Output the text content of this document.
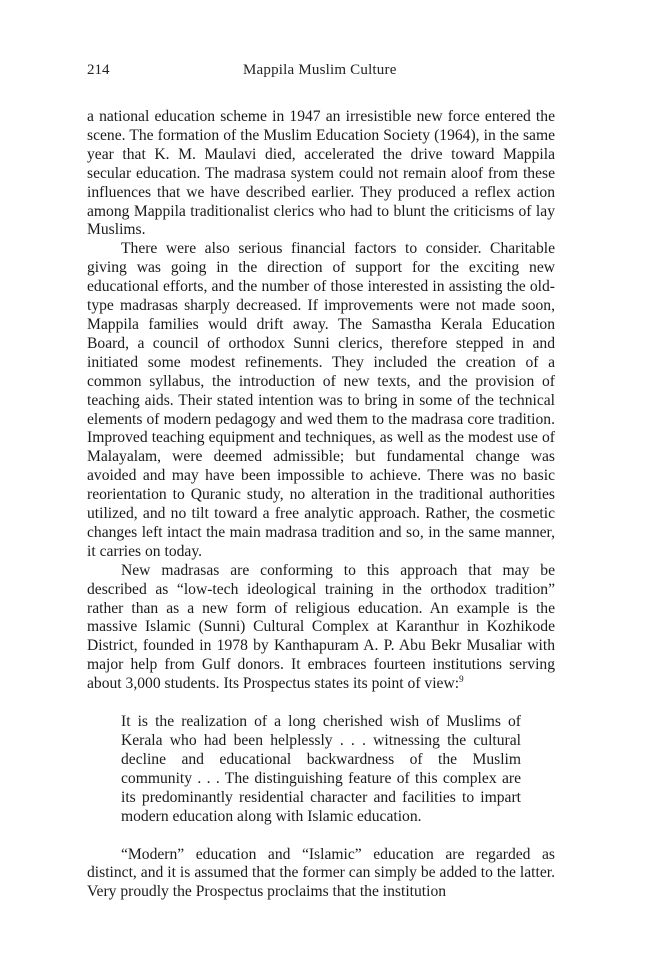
214	Mappila Muslim Culture

a national education scheme in 1947 an irresistible new force entered the scene. The formation of the Muslim Education Society (1964), in the same year that K. M. Maulavi died, accelerated the drive toward Mappila secular education. The madrasa system could not remain aloof from these influences that we have described earlier. They produced a reflex action among Mappila traditionalist clerics who had to blunt the criticisms of lay Muslims.

There were also serious financial factors to consider. Charitable giving was going in the direction of support for the exciting new educational efforts, and the number of those interested in assisting the old-type madrasas sharply decreased. If improvements were not made soon, Mappila families would drift away. The Samastha Kerala Education Board, a council of orthodox Sunni clerics, therefore stepped in and initiated some modest refinements. They included the creation of a common syllabus, the introduction of new texts, and the provision of teaching aids. Their stated intention was to bring in some of the technical elements of modern pedagogy and wed them to the madrasa core tradition. Improved teaching equipment and techniques, as well as the modest use of Malayalam, were deemed admissible; but fundamental change was avoided and may have been impossible to achieve. There was no basic reorientation to Quranic study, no alteration in the traditional authorities utilized, and no tilt toward a free analytic approach. Rather, the cosmetic changes left intact the main madrasa tradition and so, in the same manner, it carries on today.

New madrasas are conforming to this approach that may be described as “low-tech ideological training in the orthodox tradition” rather than as a new form of religious education. An example is the massive Islamic (Sunni) Cultural Complex at Karanthur in Kozhikode District, founded in 1978 by Kanthapuram A. P. Abu Bekr Musaliar with major help from Gulf donors. It embraces fourteen institutions serving about 3,000 students. Its Prospectus states its point of view:$^9$

It is the realization of a long cherished wish of Muslims of Kerala who had been helplessly . . . witnessing the cultural decline and educational backwardness of the Muslim community . . . The distinguishing feature of this complex are its predominantly residential character and facilities to impart modern education along with Islamic education.

“Modern” education and “Islamic” education are regarded as distinct, and it is assumed that the former can simply be added to the latter. Very proudly the Prospectus proclaims that the institution
